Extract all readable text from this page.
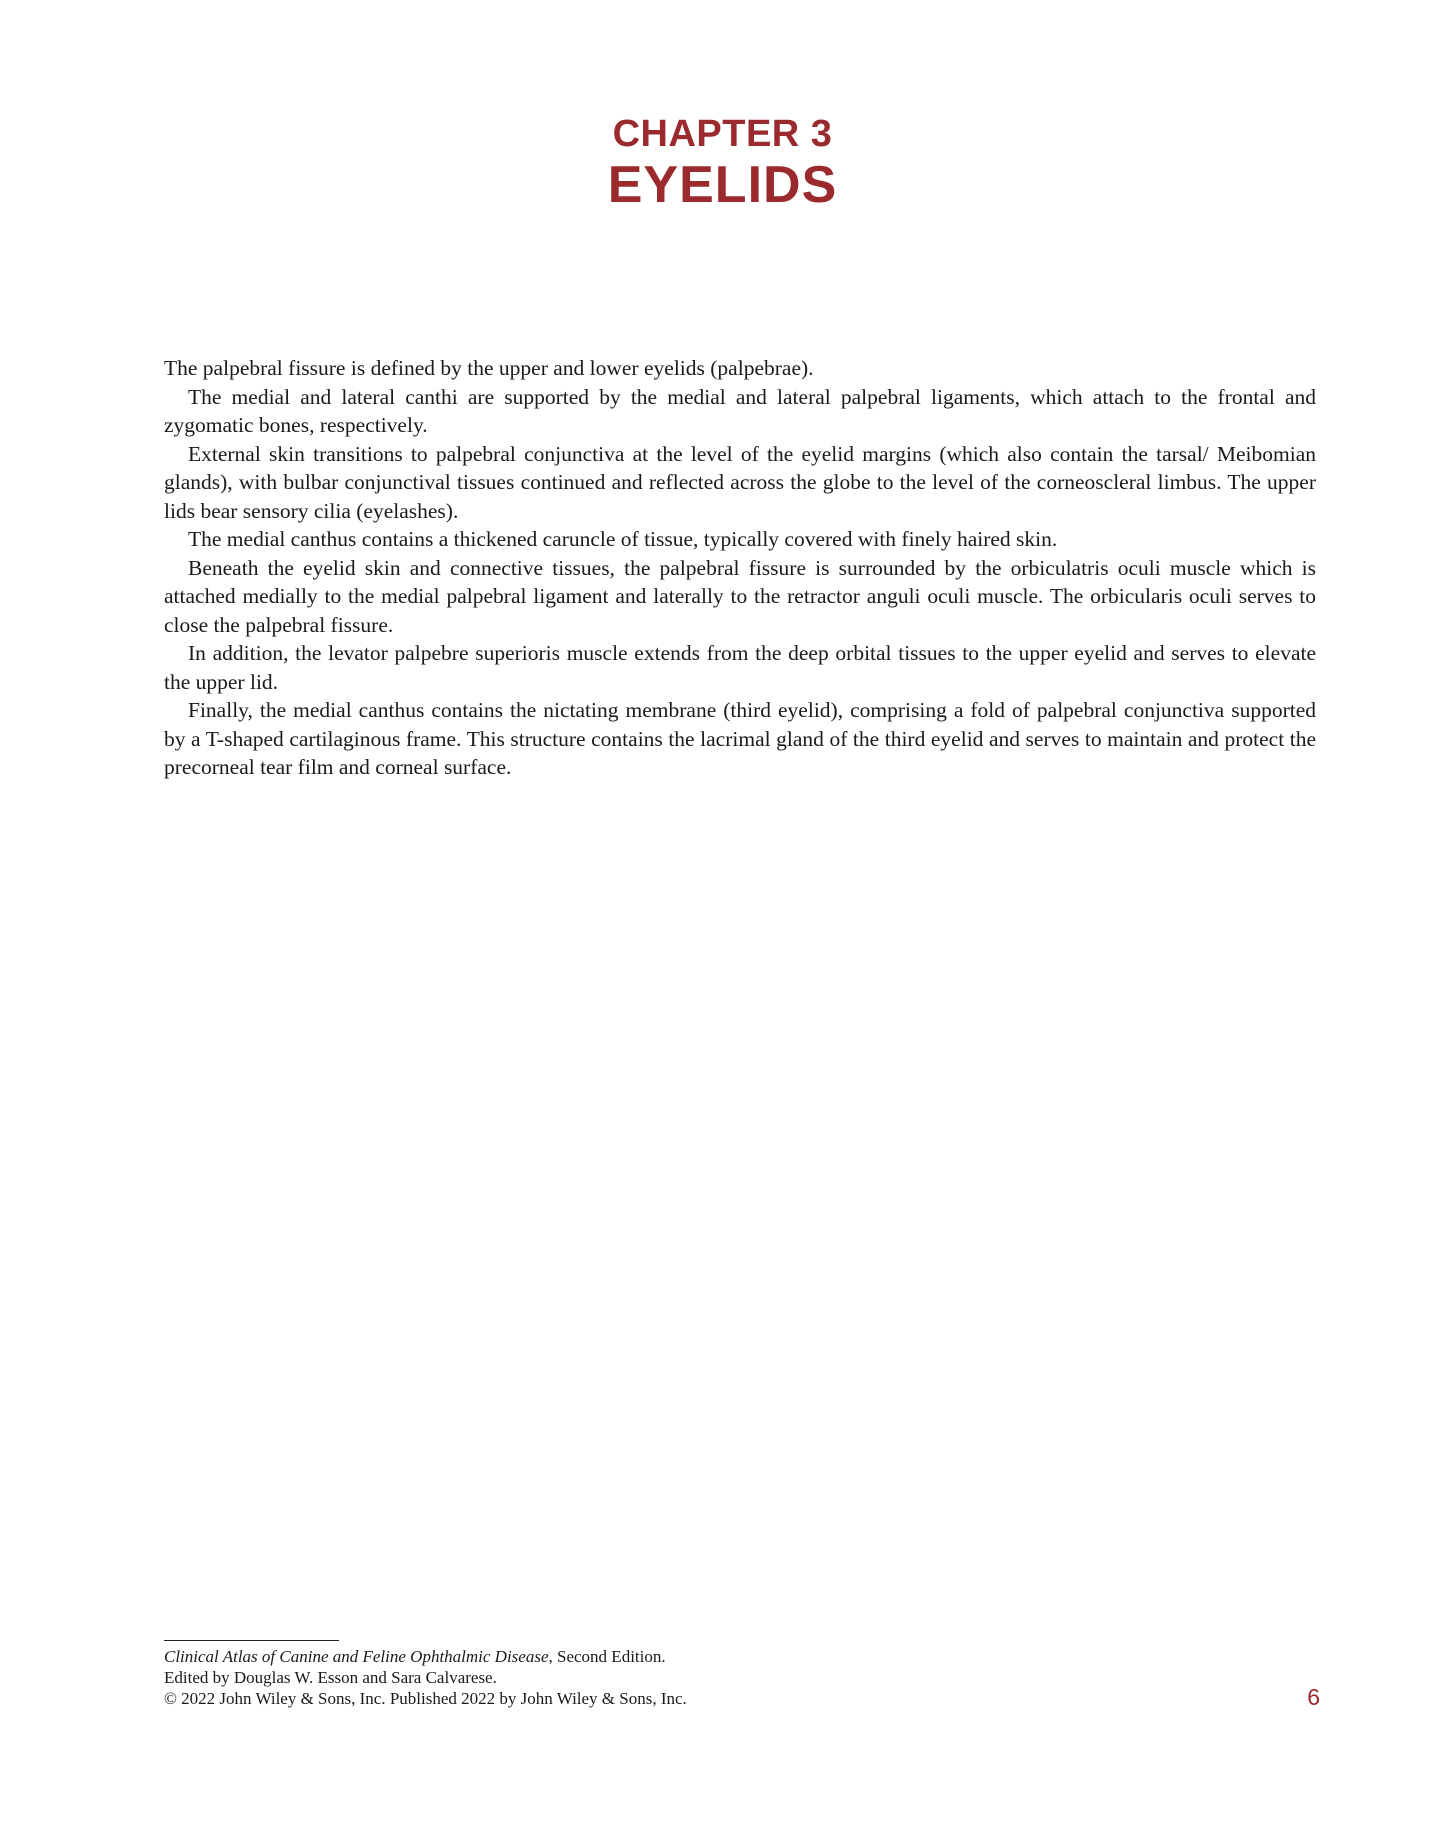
CHAPTER 3
EYELIDS

The palpebral fissure is defined by the upper and lower eyelids (palpebrae).

The medial and lateral canthi are supported by the medial and lateral palpebral ligaments, which attach to the frontal and zygomatic bones, respectively.

External skin transitions to palpebral conjunctiva at the level of the eyelid margins (which also contain the tarsal/ Meibomian glands), with bulbar conjunctival tissues continued and reflected across the globe to the level of the corneoscleral limbus. The upper lids bear sensory cilia (eyelashes).

The medial canthus contains a thickened caruncle of tissue, typically covered with finely haired skin.

Beneath the eyelid skin and connective tissues, the palpebral fissure is surrounded by the orbiculatris oculi muscle which is attached medially to the medial palpebral ligament and laterally to the retractor anguli oculi muscle. The orbicularis oculi serves to close the palpebral fissure.

In addition, the levator palpebre superioris muscle extends from the deep orbital tissues to the upper eyelid and serves to elevate the upper lid.

Finally, the medial canthus contains the nictating membrane (third eyelid), comprising a fold of palpebral conjunctiva supported by a T-shaped cartilaginous frame. This structure contains the lacrimal gland of the third eyelid and serves to maintain and protect the precorneal tear film and corneal surface.

Clinical Atlas of Canine and Feline Ophthalmic Disease, Second Edition.
Edited by Douglas W. Esson and Sara Calvarese.
© 2022 John Wiley & Sons, Inc. Published 2022 by John Wiley & Sons, Inc.	6
